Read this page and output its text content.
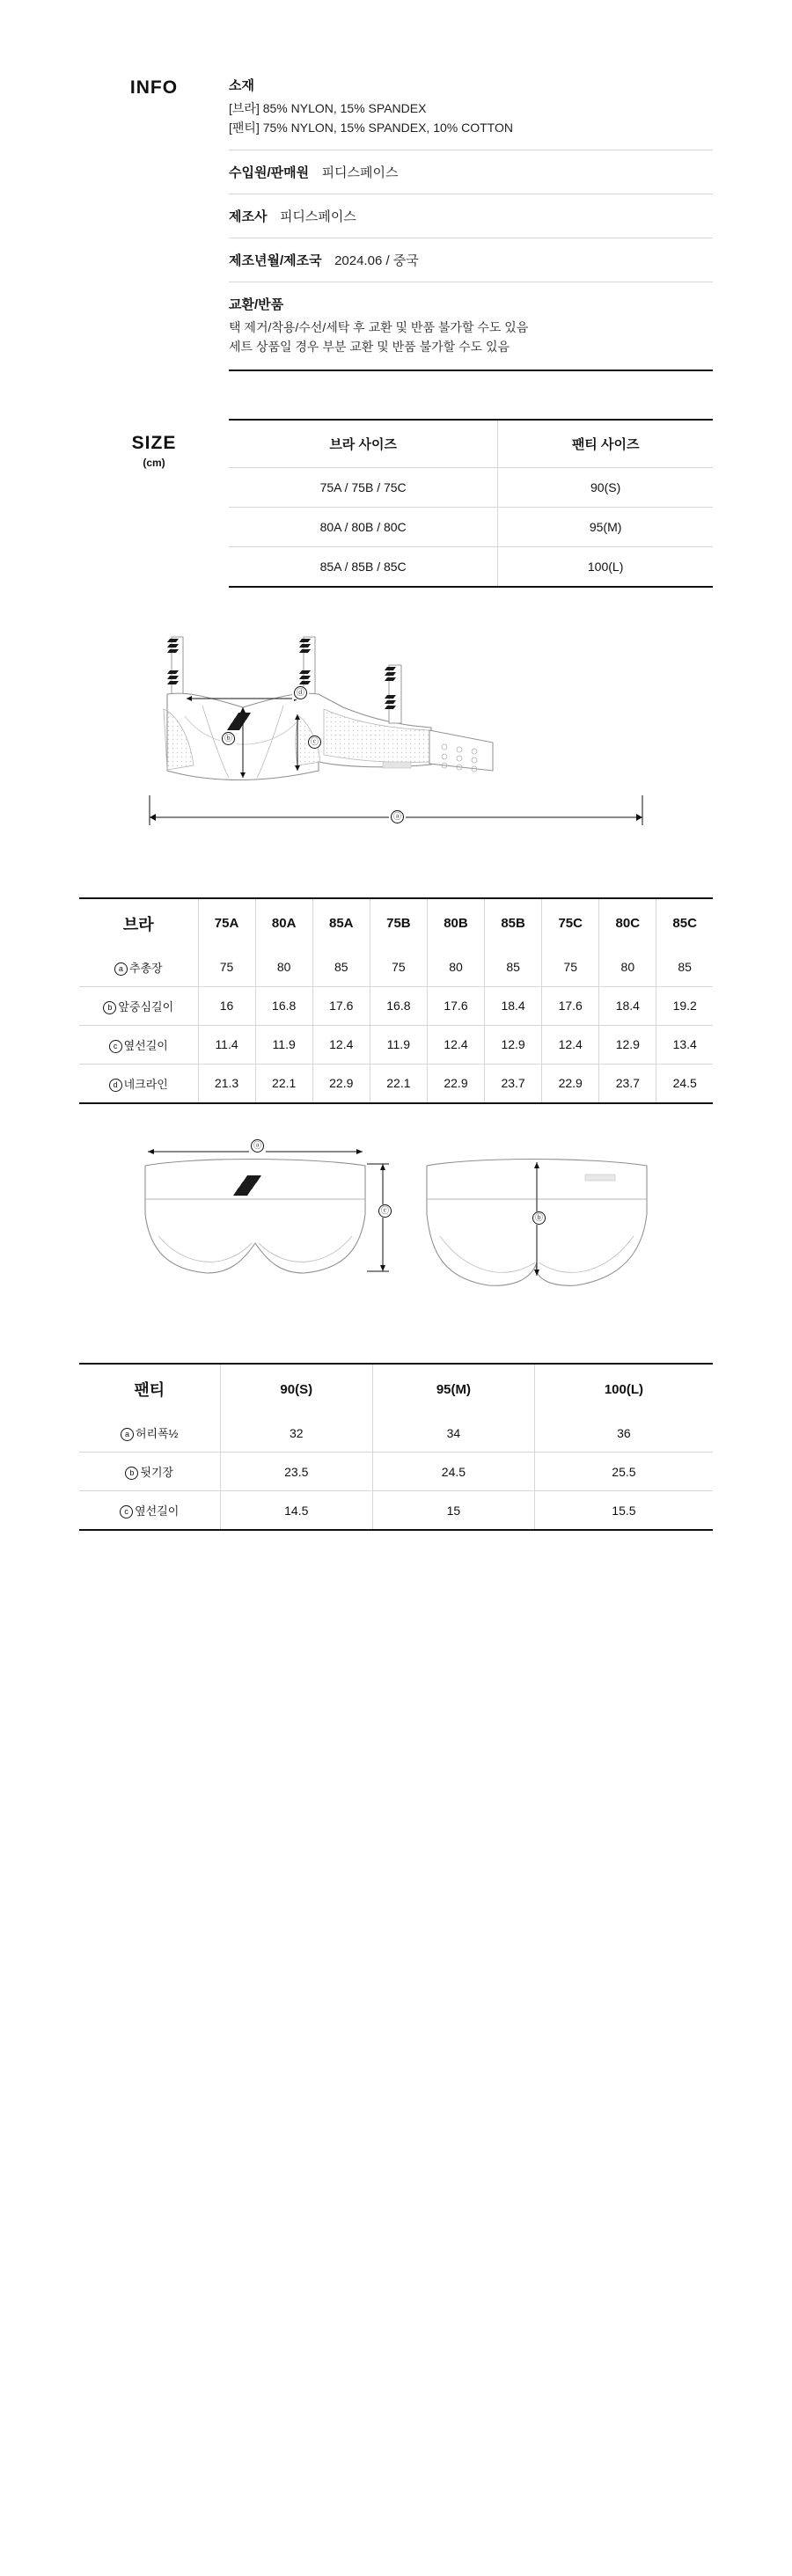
INFO	소재
[브라] 85% NYLON, 15% SPANDEX
[팬티] 75% NYLON, 15% SPANDEX, 10% COTTON
수입원/판매원 피디스페이스
제조사 피디스페이스
제조년월/제조국 2024.06 / 중국
교환/반품
택 제거/착용/수선/세탁 후 교환 및 반품 불가할 수도 있음
세트 상품일 경우 부분 교환 및 반품 불가할 수도 있음
SIZE
(cm)
브라 사이즈	팬티 사이즈
75A / 75B / 75C	90(S)
80A / 80B / 80C	95(M)
85A / 85B / 85C	100(L)
ⓓ
ⓑ	ⓒ
ⓐ
브라	75A	80A	85A	75B	80B	85B	75C	80C	85C
a 추총장	75	80	85	75	80	85	75	80	85
b 앞중심길이	16	16.8	17.6	16.8	17.6	18.4	17.6	18.4	19.2
c 옆선길이	11.4	11.9	12.4	11.9	12.4	12.9	12.4	12.9	13.4
d 네크라인	21.3	22.1	22.9	22.1	22.9	23.7	22.9	23.7	24.5
ⓐ
ⓒ
ⓑ
팬티	90(S)	95(M)	100(L)
a 허리폭½	32	34	36
b 뒷기장	23.5	24.5	25.5
c 옆선길이	14.5	15	15.5
